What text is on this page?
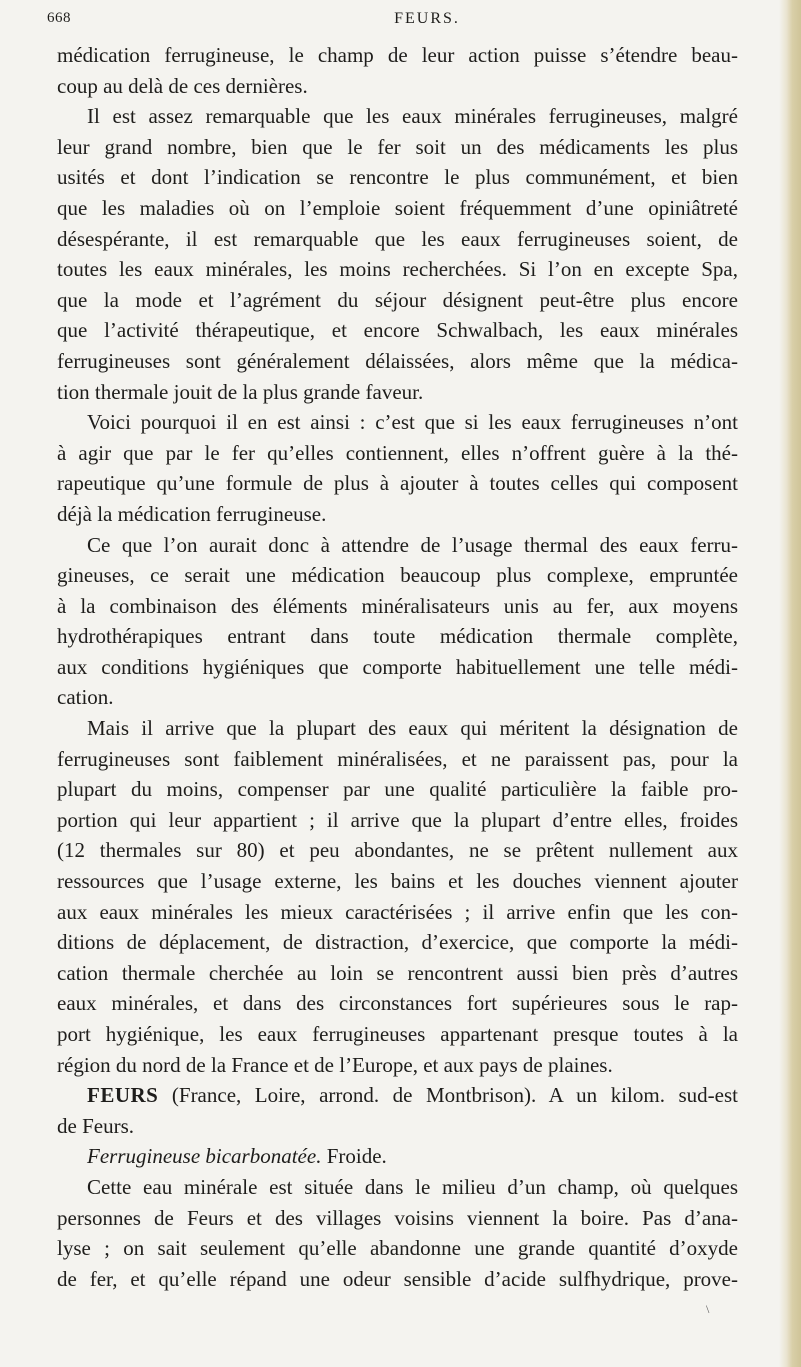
668	FEURS.
médication ferrugineuse, le champ de leur action puisse s’étendre beau-
coup au delà de ces dernières.
Il est assez remarquable que les eaux minérales ferrugineuses, malgré
leur grand nombre, bien que le fer soit un des médicaments les plus
usités et dont l’indication se rencontre le plus communément, et bien
que les maladies où on l’emploie soient fréquemment d’une opiniâtreté
désespérante, il est remarquable que les eaux ferrugineuses soient, de
toutes les eaux minérales, les moins recherchées. Si l’on en excepte Spa,
que la mode et l’agrément du séjour désignent peut-être plus encore
que l’activité thérapeutique, et encore Schwalbach, les eaux minérales
ferrugineuses sont généralement délaissées, alors même que la médica-
tion thermale jouit de la plus grande faveur.
Voici pourquoi il en est ainsi : c’est que si les eaux ferrugineuses n’ont
à agir que par le fer qu’elles contiennent, elles n’offrent guère à la thé-
rapeutique qu’une formule de plus à ajouter à toutes celles qui composent
déjà la médication ferrugineuse.
Ce que l’on aurait donc à attendre de l’usage thermal des eaux ferru-
gineuses, ce serait une médication beaucoup plus complexe, empruntée
à la combinaison des éléments minéralisateurs unis au fer, aux moyens
hydrothérapiques entrant dans toute médication thermale complète,
aux conditions hygiéniques que comporte habituellement une telle médi-
cation.
Mais il arrive que la plupart des eaux qui méritent la désignation de
ferrugineuses sont faiblement minéralisées, et ne paraissent pas, pour la
plupart du moins, compenser par une qualité particulière la faible pro-
portion qui leur appartient ; il arrive que la plupart d’entre elles, froides
(12 thermales sur 80) et peu abondantes, ne se prêtent nullement aux
ressources que l’usage externe, les bains et les douches viennent ajouter
aux eaux minérales les mieux caractérisées ; il arrive enfin que les con-
ditions de déplacement, de distraction, d’exercice, que comporte la médi-
cation thermale cherchée au loin se rencontrent aussi bien près d’autres
eaux minérales, et dans des circonstances fort supérieures sous le rap-
port hygiénique, les eaux ferrugineuses appartenant presque toutes à la
région du nord de la France et de l’Europe, et aux pays de plaines.
FEURS (France, Loire, arrond. de Montbrison). A un kilom. sud-est
de Feurs.
Ferrugineuse bicarbonatée. Froide.
Cette eau minérale est située dans le milieu d’un champ, où quelques
personnes de Feurs et des villages voisins viennent la boire. Pas d’ana-
lyse ; on sait seulement qu’elle abandonne une grande quantité d’oxyde
de fer, et qu’elle répand une odeur sensible d’acide sulfhydrique, prove-
\
